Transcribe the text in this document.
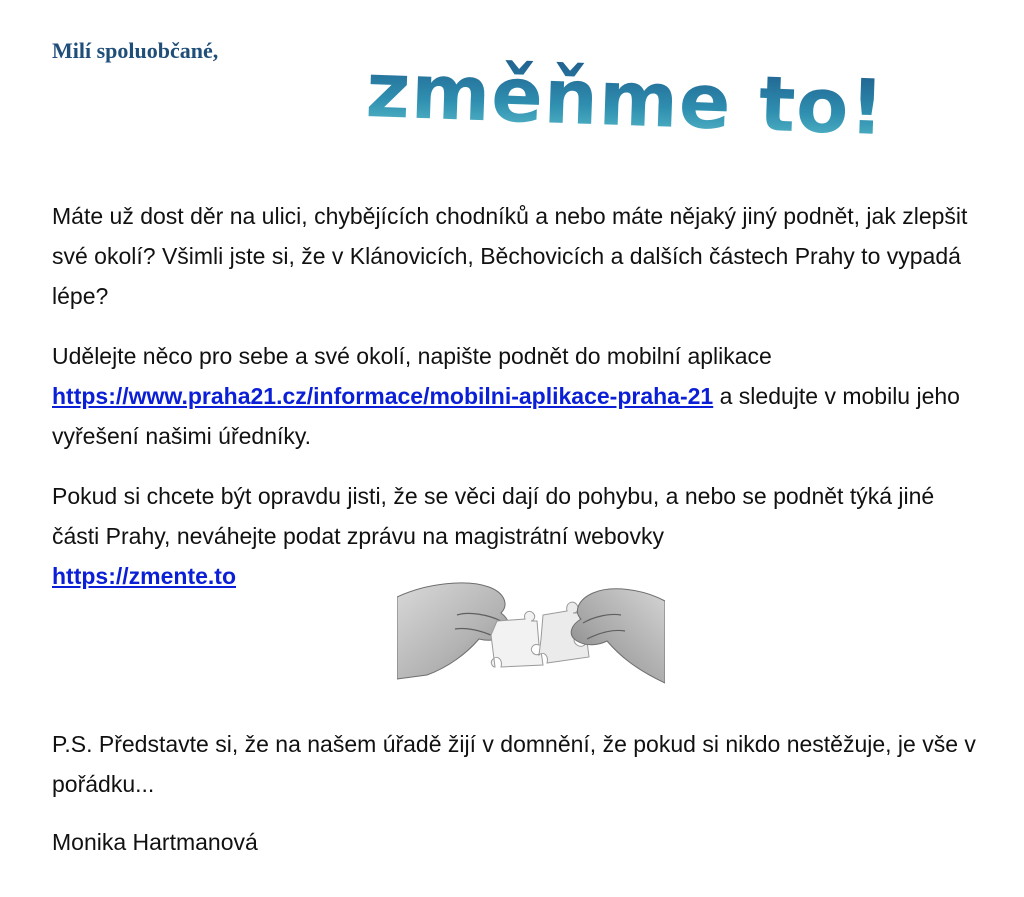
Milí spoluobčané, změňme to!

Máte už dost děr na ulici, chybějících chodníků a nebo máte nějaký jiný podnět, jak zlepšit své okolí? Všimli jste si, že v Klánovicích, Běchovicích a dalších částech Prahy to vypadá lépe?

Udělejte něco pro sebe a své okolí, napište podnět do mobilní aplikace
https://www.praha21.cz/informace/mobilni-aplikace-praha-21 a sledujte v mobilu jeho vyřešení našimi úředníky.

Pokud si chcete být opravdu jisti, že se věci dají do pohybu, a nebo se podnět týká jiné části Prahy, neváhejte podat zprávu na magistrátní webovky
https://zmente.to

P.S. Představte si, že na našem úřadě žijí v domnění, že pokud si nikdo nestěžuje, je vše v pořádku...

Monika Hartmanová
